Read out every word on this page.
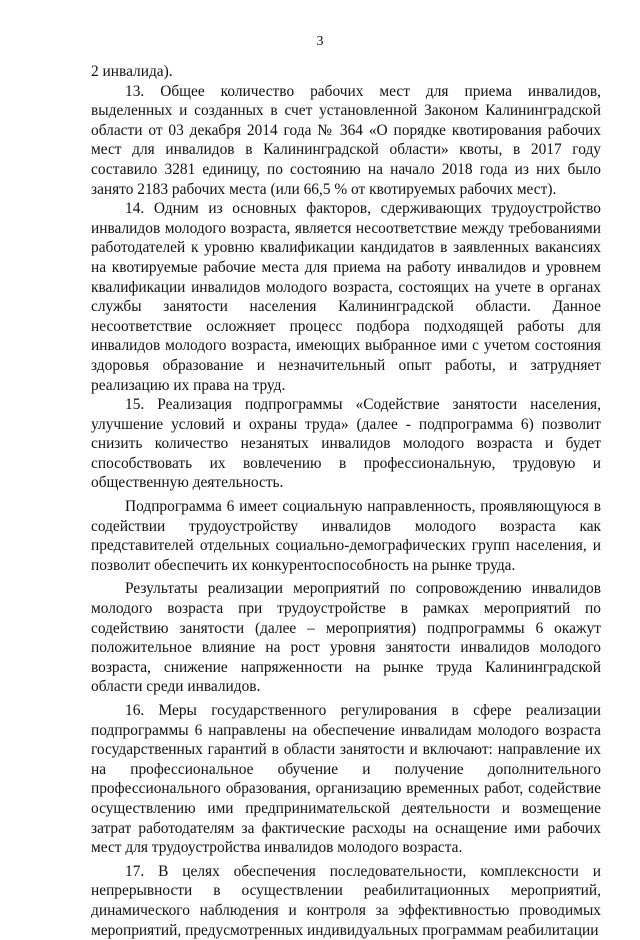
3

2 инвалида).

13. Общее количество рабочих мест для приема инвалидов, выделенных и созданных в счет установленной Законом Калининградской области от 03 декабря 2014 года № 364 «О порядке квотирования рабочих мест для инвалидов в Калининградской области» квоты, в 2017 году составило 3281 единицу, по состоянию на начало 2018 года из них было занято 2183 рабочих места (или 66,5 % от квотируемых рабочих мест).

14. Одним из основных факторов, сдерживающих трудоустройство инвалидов молодого возраста, является несоответствие между требованиями работодателей к уровню квалификации кандидатов в заявленных вакансиях на квотируемые рабочие места для приема на работу инвалидов и уровнем квалификации инвалидов молодого возраста, состоящих на учете в органах службы занятости населения Калининградской области. Данное несоответствие осложняет процесс подбора подходящей работы для инвалидов молодого возраста, имеющих выбранное ими с учетом состояния здоровья образование и незначительный опыт работы, и затрудняет реализацию их права на труд.

15. Реализация подпрограммы «Содействие занятости населения, улучшение условий и охраны труда» (далее - подпрограмма 6) позволит снизить количество незанятых инвалидов молодого возраста и будет способствовать их вовлечению в профессиональную, трудовую и общественную деятельность.

Подпрограмма 6 имеет социальную направленность, проявляющуюся в содействии трудоустройству инвалидов молодого возраста как представителей отдельных социально-демографических групп населения, и позволит обеспечить их конкурентоспособность на рынке труда.

Результаты реализации мероприятий по сопровождению инвалидов молодого возраста при трудоустройстве в рамках мероприятий по содействию занятости (далее – мероприятия) подпрограммы 6 окажут положительное влияние на рост уровня занятости инвалидов молодого возраста, снижение напряженности на рынке труда Калининградской области среди инвалидов.

16. Меры государственного регулирования в сфере реализации подпрограммы 6 направлены на обеспечение инвалидам молодого возраста государственных гарантий в области занятости и включают: направление их на профессиональное обучение и получение дополнительного профессионального образования, организацию временных работ, содействие осуществлению ими предпринимательской деятельности и возмещение затрат работодателям за фактические расходы на оснащение ими рабочих мест для трудоустройства инвалидов молодого возраста.

17. В целях обеспечения последовательности, комплексности и непрерывности в осуществлении реабилитационных мероприятий, динамического наблюдения и контроля за эффективностью проводимых мероприятий, предусмотренных индивидуальных программам реабилитации
